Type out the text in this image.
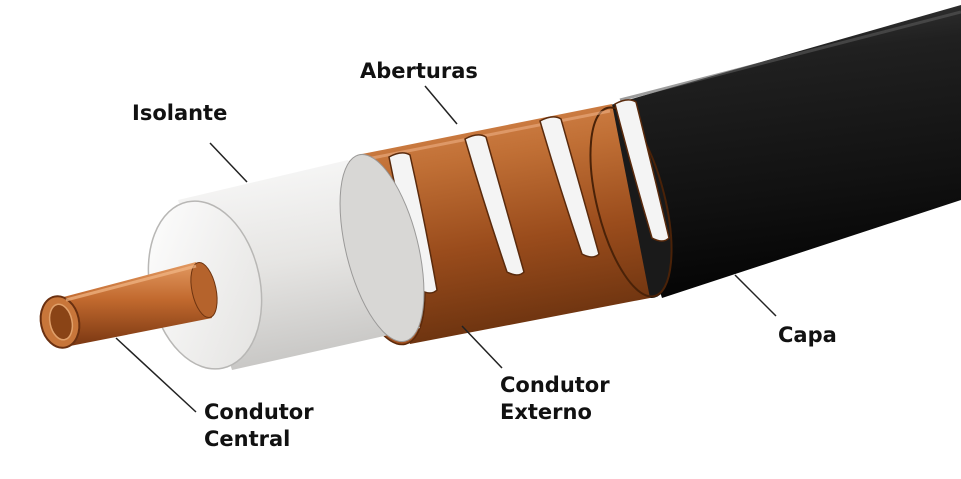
Isolante
Aberturas
Capa
Condutor
Externo
Condutor
Central
